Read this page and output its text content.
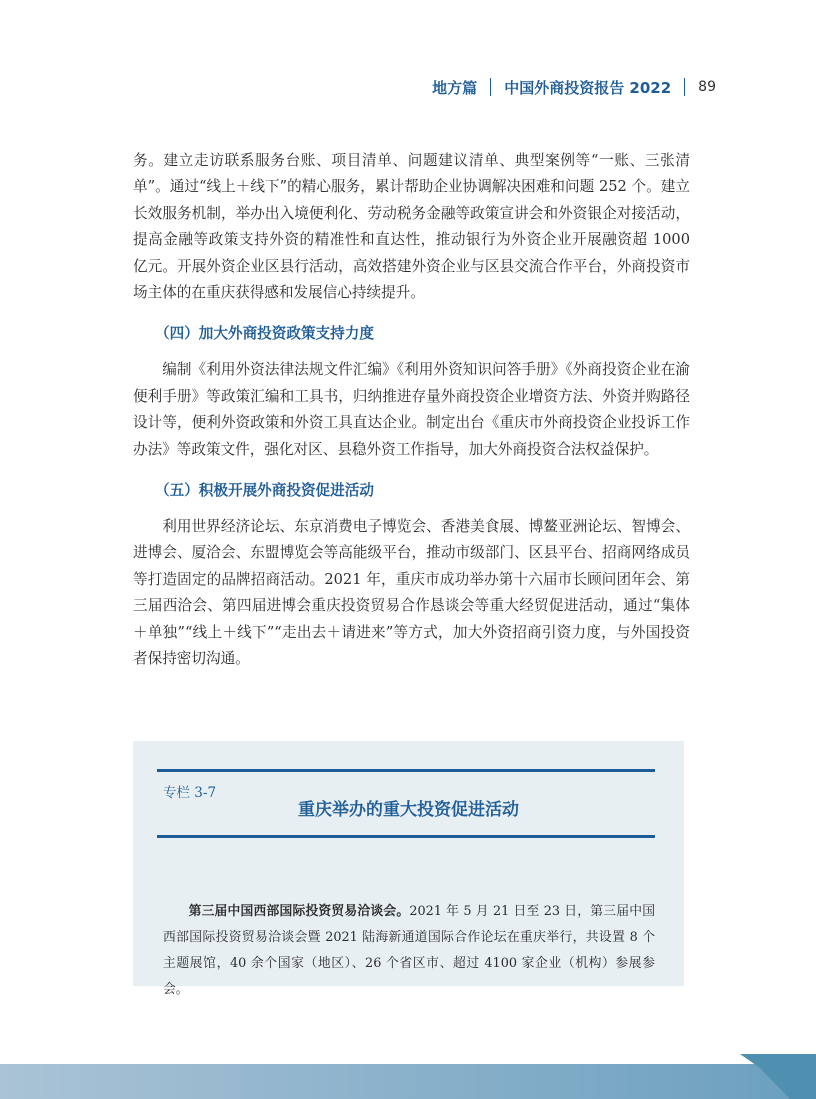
地方篇 中国外商投资报告 2022 89

务。建立走访联系服务台账、项目清单、问题建议清单、典型案例等“一账、三张清单”。通过“线上＋线下”的精心服务，累计帮助企业协调解决困难和问题 252 个。建立长效服务机制，举办出入境便利化、劳动税务金融等政策宣讲会和外资银企对接活动，提高金融等政策支持外资的精准性和直达性，推动银行为外资企业开展融资超 1000 亿元。开展外资企业区县行活动，高效搭建外资企业与区县交流合作平台，外商投资市场主体的在重庆获得感和发展信心持续提升。

（四）加大外商投资政策支持力度

编制《利用外资法律法规文件汇编》《利用外资知识问答手册》《外商投资企业在渝便利手册》等政策汇编和工具书，归纳推进存量外商投资企业增资方法、外资并购路径设计等，便利外资政策和外资工具直达企业。制定出台《重庆市外商投资企业投诉工作办法》等政策文件，强化对区、县稳外资工作指导，加大外商投资合法权益保护。

（五）积极开展外商投资促进活动

利用世界经济论坛、东京消费电子博览会、香港美食展、博鳌亚洲论坛、智博会、进博会、厦洽会、东盟博览会等高能级平台，推动市级部门、区县平台、招商网络成员等打造固定的品牌招商活动。2021 年，重庆市成功举办第十六届市长顾问团年会、第三届西洽会、第四届进博会重庆投资贸易合作恳谈会等重大经贸促进活动，通过“集体＋单独”“线上＋线下”“走出去＋请进来”等方式，加大外资招商引资力度，与外国投资者保持密切沟通。

专栏 3-7
重庆举办的重大投资促进活动

第三届中国西部国际投资贸易洽谈会。2021 年 5 月 21 日至 23 日，第三届中国西部国际投资贸易洽谈会暨 2021 陆海新通道国际合作论坛在重庆举行，共设置 8 个主题展馆，40 余个国家（地区）、26 个省区市、超过 4100 家企业（机构）参展参会。
